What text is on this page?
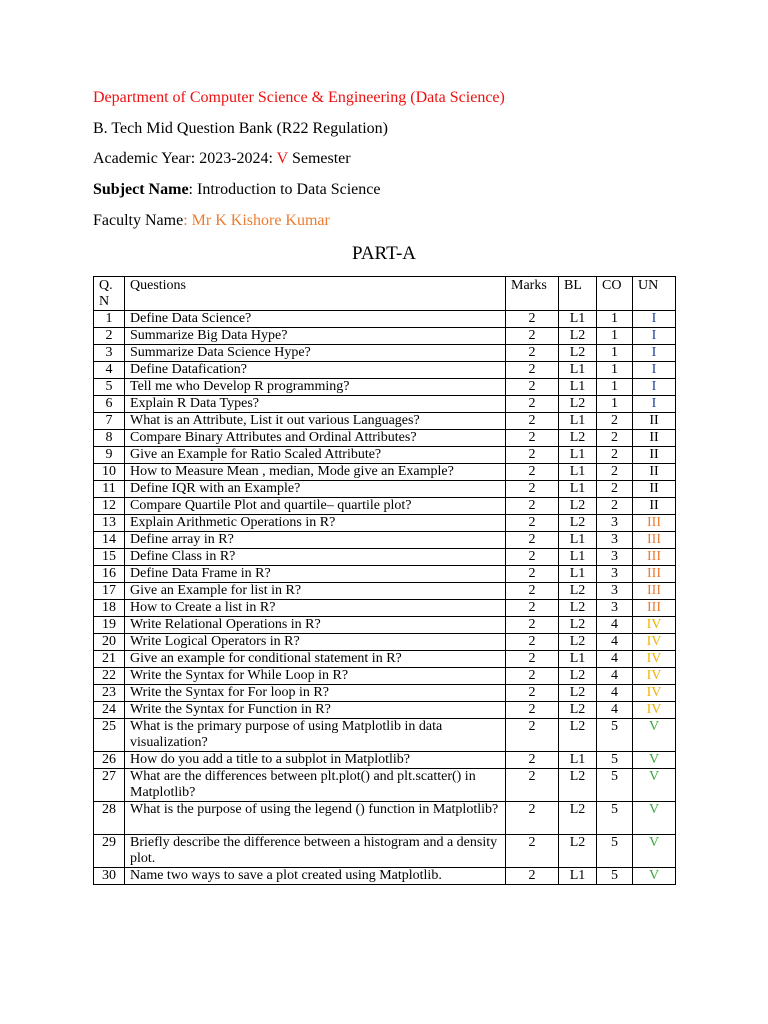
Department of Computer Science & Engineering (Data Science)
B. Tech Mid Question Bank (R22 Regulation)
Academic Year: 2023-2024: V Semester
Subject Name: Introduction to Data Science
Faculty Name: Mr K Kishore Kumar
PART-A
Q. N	Questions	Marks	BL	CO	UN
1	Define Data Science?	2	L1	1	I
2	Summarize Big Data Hype?	2	L2	1	I
3	Summarize Data Science Hype?	2	L2	1	I
4	Define Datafication?	2	L1	1	I
5	Tell me who Develop R programming?	2	L1	1	I
6	Explain R Data Types?	2	L2	1	I
7	What is an Attribute, List it out various Languages?	2	L1	2	II
8	Compare Binary Attributes and Ordinal Attributes?	2	L2	2	II
9	Give an Example for Ratio Scaled Attribute?	2	L1	2	II
10	How to Measure Mean , median, Mode give an Example?	2	L1	2	II
11	Define IQR with an Example?	2	L1	2	II
12	Compare Quartile Plot and quartile– quartile plot?	2	L2	2	II
13	Explain Arithmetic Operations in R?	2	L2	3	III
14	Define array in R?	2	L1	3	III
15	Define Class in R?	2	L1	3	III
16	Define Data Frame in R?	2	L1	3	III
17	Give an Example for list in R?	2	L2	3	III
18	How to Create a list in R?	2	L2	3	III
19	Write Relational Operations in R?	2	L2	4	IV
20	Write Logical Operators in R?	2	L2	4	IV
21	Give an example for conditional statement in R?	2	L1	4	IV
22	Write the Syntax for While Loop in R?	2	L2	4	IV
23	Write the Syntax for For loop in R?	2	L2	4	IV
24	Write the Syntax for Function in R?	2	L2	4	IV
25	What is the primary purpose of using Matplotlib in data visualization?	2	L2	5	V
26	How do you add a title to a subplot in Matplotlib?	2	L1	5	V
27	What are the differences between plt.plot() and plt.scatter() in Matplotlib?	2	L2	5	V
28	What is the purpose of using the legend () function in Matplotlib?	2	L2	5	V
29	Briefly describe the difference between a histogram and a density plot.	2	L2	5	V
30	Name two ways to save a plot created using Matplotlib.	2	L1	5	V
